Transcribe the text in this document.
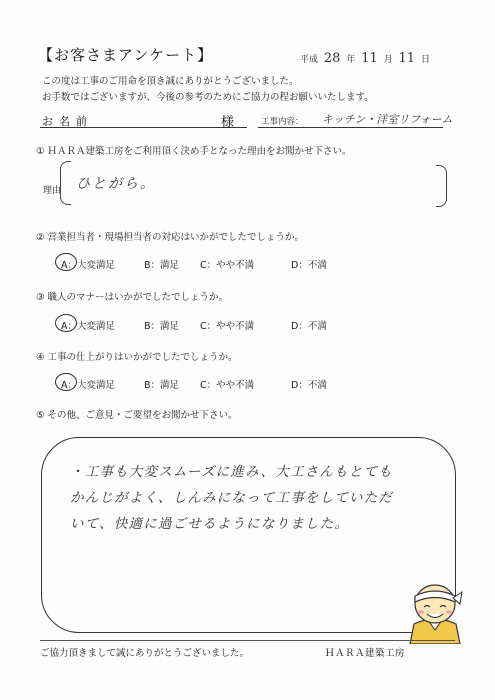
【お客さまアンケート】	平成 28 年 11 月 11 日
この度は工事のご用命を頂き誠にありがとうございました。
お手数ではございますが、今後の参考のためにご協力の程お願いいたします。
お名前	様	工事内容： キッチン・洋室リフォーム
① ＨＡＲＡ建築工房をご利用頂く決め手となった理由をお聞かせ下さい。
理由 ひとがら。
② 営業担当者・現場担当者の対応はいかがでしたでしょうか。
A：大変満足	B：満足 C：やや不満	D：不満
③ 職人のマナーはいかがでしたでしょうか。
A：大変満足	B：満足 C：やや不満	D：不満
④ 工事の仕上がりはいかがでしたでしょうか。
A：大変満足	B：満足 C：やや不満	D：不満
⑤ その他、ご意見・ご要望をお聞かせ下さい。
・工事も大変スムーズに進み、大工さんもとても
かんじがよく、しんみになって工事をしていただ
いて、快適に過ごせるようになりました。
ご協力頂きまして誠にありがとうございました。	ＨＡＲＡ建築工房
